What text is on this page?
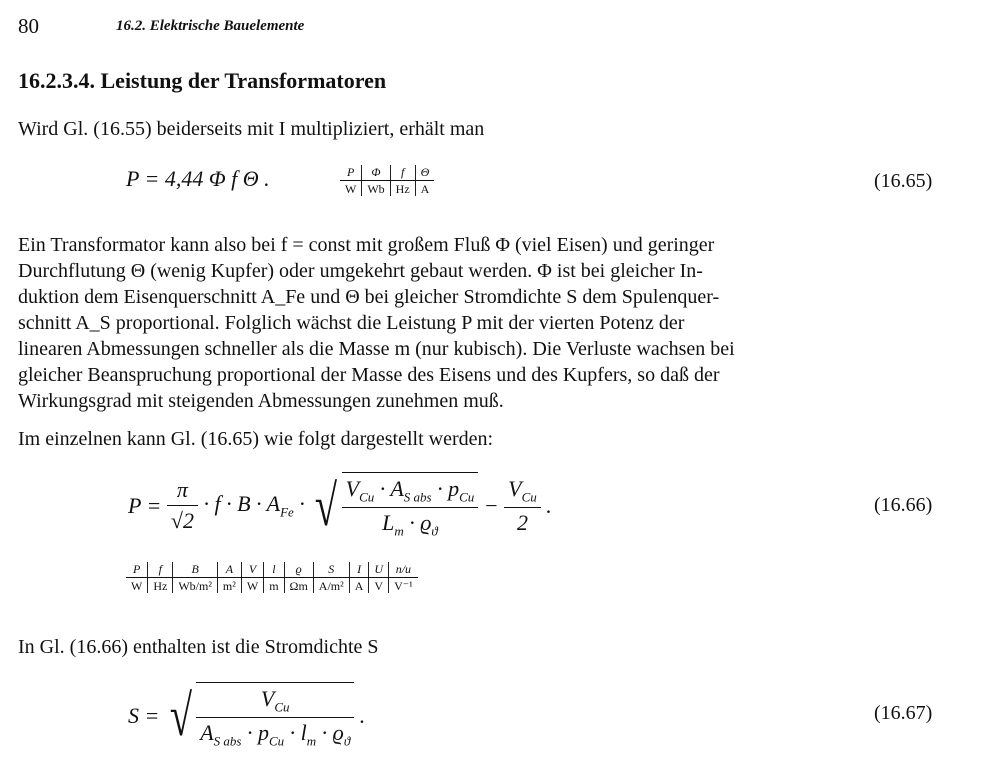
80	16.2. Elektrische Bauelemente
16.2.3.4. Leistung der Transformatoren
Wird Gl. (16.55) beiderseits mit I multipliziert, erhält man
P = 4,44 Φ f Θ .	P	Φ	f	Θ
W	Wb	Hz	A	(16.65)

Ein Transformator kann also bei f = const mit großem Fluß Φ (viel Eisen) und geringer

Durchflutung Θ (wenig Kupfer) oder umgekehrt gebaut werden. Φ ist bei gleicher In-

duktion dem Eisenquerschnitt A_Fe und Θ bei gleicher Stromdichte S dem Spulenquer-

schnitt A_S proportional. Folglich wächst die Leistung P mit der vierten Potenz der

linearen Abmessungen schneller als die Masse m (nur kubisch). Die Verluste wachsen bei

gleicher Beanspruchung proportional der Masse des Eisens und des Kupfers, so daß der

Wirkungsgrad mit steigenden Abmessungen zunehmen muß.

Im einzelnen kann Gl. (16.65) wie folgt dargestellt werden:
$P = \frac{\pi}{√2} \cdot f \cdot B \cdot A_{Fe}$ · √ $\frac{V_{Cu} \cdot A_{S abs} \cdot p_{Cu}}{L_m \cdot ϱ_ϑ} - \frac{V_{Cu}}{2}$ .	(16.66)
P	f	B	A	V	l	ϱ	S	I	U	n/u
W	Hz	Wb/m²	m²	W	m	Ωm	A/m²	A	V	V⁻¹
In Gl. (16.66) enthalten ist die Stromdichte S
S = √ $\frac{V_{Cu}}{A_{S abs} \cdot p_{Cu} \cdot l_m \cdot ϱ_ϑ}$ .	(16.67)
